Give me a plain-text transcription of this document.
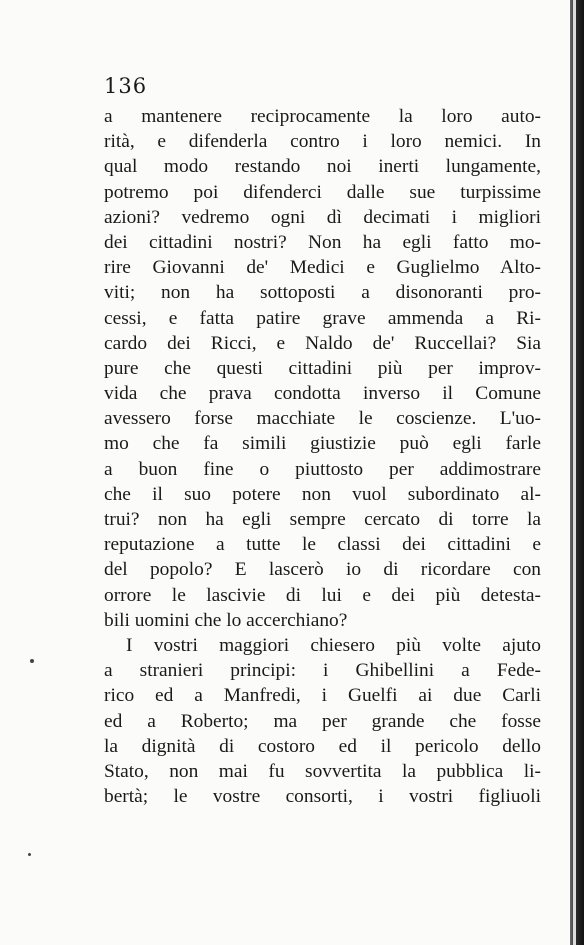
136
a mantenere reciprocamente la loro auto-
rità, e difenderla contro i loro nemici. In
qual modo restando noi inerti lungamente,
potremo poi difenderci dalle sue turpissime
azioni? vedremo ogni dì decimati i migliori
dei cittadini nostri? Non ha egli fatto mo-
rire Giovanni de' Medici e Guglielmo Alto-
viti; non ha sottoposti a disonoranti pro-
cessi, e fatta patire grave ammenda a Ri-
cardo dei Ricci, e Naldo de' Ruccellai? Sia
pure che questi cittadini più per improv-
vida che prava condotta inverso il Comune
avessero forse macchiate le coscienze. L'uo-
mo che fa simili giustizie può egli farle
a buon fine o piuttosto per addimostrare
che il suo potere non vuol subordinato al-
trui? non ha egli sempre cercato di torre la
reputazione a tutte le classi dei cittadini e
del popolo? E lascerò io di ricordare con
orrore le lascivie di lui e dei più detesta-
bili uomini che lo accerchiano?
I vostri maggiori chiesero più volte ajuto
a stranieri principi: i Ghibellini a Fede-
rico ed a Manfredi, i Guelfi ai due Carli
ed a Roberto; ma per grande che fosse
la dignità di costoro ed il pericolo dello
Stato, non mai fu sovvertita la pubblica li-
bertà; le vostre consorti, i vostri figliuoli
